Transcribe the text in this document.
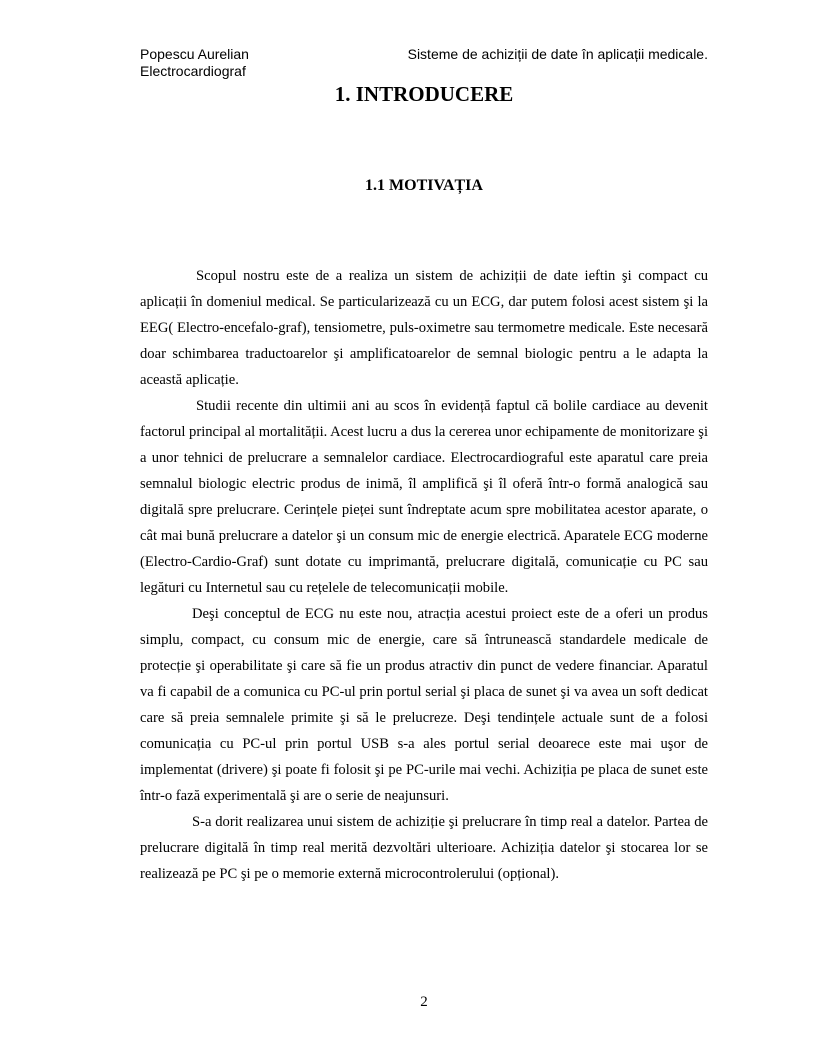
Popescu Aurelian
Electrocardiograf
Sisteme de achiziții de date în aplicații medicale.
1. INTRODUCERE
1.1 MOTIVAȚIA

Scopul nostru este de a realiza un sistem de achiziții de date ieftin şi compact cu aplicații în domeniul medical. Se particularizează cu un ECG, dar putem folosi acest sistem şi la EEG( Electro-encefalo-graf), tensiometre, puls-oximetre sau termometre medicale. Este necesară doar schimbarea traductoarelor şi amplificatoarelor de semnal biologic pentru a le adapta la această aplicație.

Studii recente din ultimii ani au scos în evidență faptul că bolile cardiace au devenit factorul principal al mortalității. Acest lucru a dus la cererea unor echipamente de monitorizare şi a unor tehnici de prelucrare a semnalelor cardiace. Electrocardiograful este aparatul care preia semnalul biologic electric produs de inimă, îl amplifică şi îl oferă într-o formă analogică sau digitală spre prelucrare. Cerințele pieței sunt îndreptate acum spre mobilitatea acestor aparate, o cât mai bună prelucrare a datelor şi un consum mic de energie electrică. Aparatele ECG moderne (Electro-Cardio-Graf) sunt dotate cu imprimantă, prelucrare digitală, comunicație cu PC sau legături cu Internetul sau cu rețelele de telecomunicații mobile.

Deşi conceptul de ECG nu este nou, atracția acestui proiect este de a oferi un produs simplu, compact, cu consum mic de energie, care să întrunească standardele medicale de protecție şi operabilitate şi care să fie un produs atractiv din punct de vedere financiar. Aparatul va fi capabil de a comunica cu PC-ul prin portul serial şi placa de sunet şi va avea un soft dedicat care să preia semnalele primite şi să le prelucreze. Deşi tendințele actuale sunt de a folosi comunicația cu PC-ul prin portul USB s-a ales portul serial deoarece este mai uşor de implementat (drivere) şi poate fi folosit şi pe PC-urile mai vechi. Achiziția pe placa de sunet este într-o fază experimentală şi are o serie de neajunsuri.

S-a dorit realizarea unui sistem de achiziție şi prelucrare în timp real a datelor. Partea de prelucrare digitală în timp real merită dezvoltări ulterioare. Achiziția datelor şi stocarea lor se realizează pe PC şi pe o memorie externă microcontrolerului (opțional).

2
